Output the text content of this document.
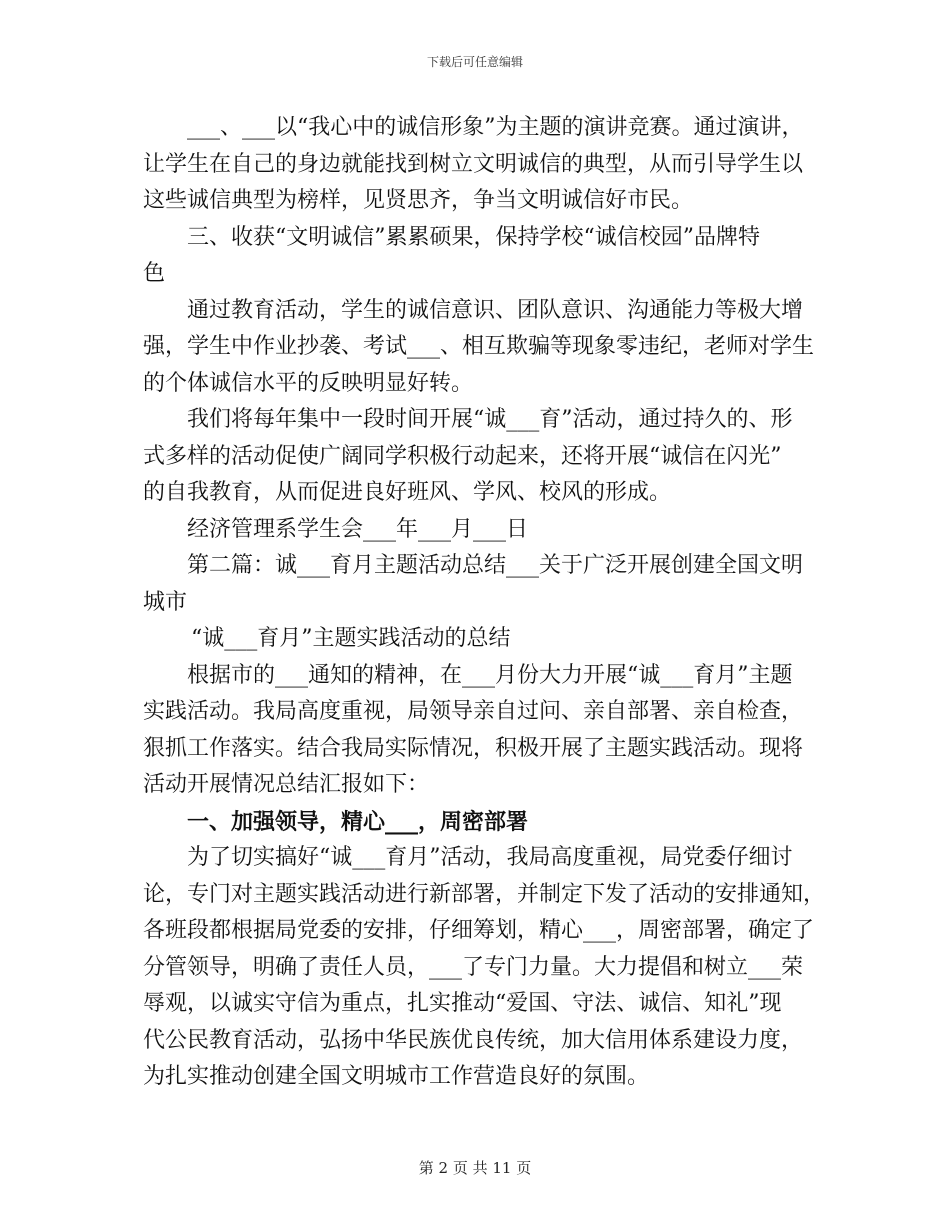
下载后可任意编辑
___、___以“我心中的诚信形象”为主题的演讲竞赛。通过演讲，
让学生在自己的身边就能找到树立文明诚信的典型，从而引导学生以
这些诚信典型为榜样，见贤思齐，争当文明诚信好市民。
三、收获“文明诚信”累累硕果，保持学校“诚信校园”品牌特
色
通过教育活动，学生的诚信意识、团队意识、沟通能力等极大增
强，学生中作业抄袭、考试___、相互欺骗等现象零违纪，老师对学生
的个体诚信水平的反映明显好转。
我们将每年集中一段时间开展“诚___育”活动，通过持久的、形
式多样的活动促使广阔同学积极行动起来，还将开展“诚信在闪光”
的自我教育，从而促进良好班风、学风、校风的形成。
经济管理系学生会___年___月___日
第二篇：诚___育月主题活动总结___关于广泛开展创建全国文明
城市
“诚___育月”主题实践活动的总结
根据市的___通知的精神，在___月份大力开展“诚___育月”主题
实践活动。我局高度重视，局领导亲自过问、亲自部署、亲自检查，
狠抓工作落实。结合我局实际情况，积极开展了主题实践活动。现将
活动开展情况总结汇报如下：
一、加强领导，精心___，周密部署
为了切实搞好“诚___育月”活动，我局高度重视，局党委仔细讨
论，专门对主题实践活动进行新部署，并制定下发了活动的安排通知，
各班段都根据局党委的安排，仔细筹划，精心___，周密部署，确定了
分管领导，明确了责任人员，___了专门力量。大力提倡和树立___荣
辱观，以诚实守信为重点，扎实推动“爱国、守法、诚信、知礼”现
代公民教育活动，弘扬中华民族优良传统，加大信用体系建设力度，
为扎实推动创建全国文明城市工作营造良好的氛围。
第 2 页 共 11 页
